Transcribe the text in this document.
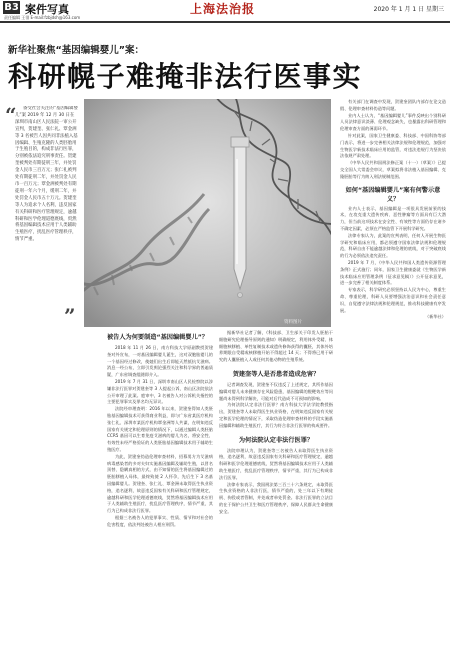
B3 案件写真	上海法治报	2020 年 1 月 1 日 星期三
责任编辑 王翎 E-mail:fzbjdsh@163.com
新华社聚焦“基因编辑婴儿”案：
科研幌子难掩非法行医事实
“	备受社会关注的“基因编辑婴儿”案 2019 年 12 月 30 日在深圳市南山区人民法院一审公开宣判，贺建奎、张仁礼、覃金洲等 3 名被告人因共同非法植入基因编辑、生殖克隆的人类胚胎用于生殖目的，构成非法行医罪，分别被依法追究刑事责任。贺建奎被判处有期徒刑三年，并处罚金人民币三百万元；张仁礼被判处有期徒刑二年，并处罚金人民币一百万元；覃金洲被判处有期徒刑一年六个月，缓刑二年，并处罚金人民币五十万元。贺建奎等人为追求个人名利，违反国家有关科研和医疗管理规定，逾越科研和医学伦理道德底线，贸然将基因编辑技术应用于人类辅助生殖医疗，扰乱医疗管理秩序，情节严重。
”	资料图片
被告人为何要制造“基因编辑婴儿”？

2018 年 11 月 26 日，南方科技大学原副教授贺建奎对外宣布，一对基因编辑婴儿诞生，这对双胞胎婴儿的一个基因经过修改，使她们出生后即能天然抵抗艾滋病。消息一经公布，立即引发舆论强烈关注和科学界的普遍质疑，广东省调查组随即介入。

2019 年 7 月 31 日，深圳市南山区人民检察院以涉嫌非法行医罪对贺建奎等 3 人提起公诉，南山区法院依法公开审理了此案。庭审中，3 名被告人对公诉机关指控的主要犯罪事实及罪名均无异议。

法院经审理查明：2016 年以来，贺建奎得知人类胚胎基因编辑技术可获得商业利益，即与广东省某医疗机构张仁礼、深圳市某医疗机构覃金洲等人共谋，在明知违反国家有关规定和伦理原则的情况下，以通过编辑人类胚胎 CCR5 基因可以生育免疫艾滋病的婴儿为名，将安全性、有效性未经严格验证的人类胚胎基因编辑技术用于辅助生殖医疗。

为此，贺建奎伪造伦理审查材料，招募男方为艾滋病病毒感染者的多对夫妇实施基因编辑及辅助生殖，以冒名顶替、隐瞒真相的方式，由不知情的医生将基因编辑过的胚胎移植入母体，最终致使 2 人怀孕，先后生下 3 名基因编辑婴儿。贺建奎、张仁礼、覃金洲未取得医生执业资格，追名逐利，故意违反国家有关科研和医疗管理规定，逾越科研和医学伦理道德底线，贸然将基因编辑技术应用于人类辅助生殖医疗，扰乱医疗管理秩序，情节严重，其行为已构成非法行医罪。

根据三名被告人的犯罪事实、性质、情节和对社会的危害程度，依法判处被告人相应刑罚。

据新华社记者了解，《科技部、卫生部关于印发人胚胎干细胞研究伦理指导原则的通知》明确规定，利用体外受精、体细胞核移植、单性复制技术或遗传修饰获得的囊胚，其体外培养期限自受精或核移植开始不得超过 14 天；不得将已用于研究的人囊胚植入人或任何其他动物的生殖系统。

贺建奎等人是否患者造成危害？

记者调查发现，贺建奎不仅违反了上述规定，其所作基因编辑对婴儿未来健康存在风险隐患，基因编辑的脱靶效应等问题尚未得到科学解决，可能对后代造成不可预知的影响。

为何法院认定非法行医罪？南方科技大学法学院教授指出，贺建奎等人未取得医生执业资格，在明知违反国家有关规定和医学伦理的情况下，采取伪造伦理审查材料的手段实施基因编辑和辅助生殖医疗，其行为符合非法行医罪的构成要件。

为何法院认定非法行医罪？

法院审理认为，贺建奎等三名被告人未取得医生执业资格，追名逐利，故意违反国家有关科研和医疗管理规定，逾越科研和医学伦理道德底线，贸然将基因编辑技术应用于人类辅助生殖医疗，扰乱医疗管理秩序，情节严重，其行为已构成非法行医罪。

法律专家表示，我国刑法第三百三十六条规定，未取得医生执业资格的人非法行医，情节严重的，处三年以下有期徒刑、拘役或者管制，并处或者单处罚金。非法行医罪的立法目的在于保护公共卫生和医疗管理秩序，保障人民群众生命健康安全。

有关部门在调查中发现，贺建奎团队内部存在论文造假、伦理审查材料伪造等问题。

业内人士认为，“基因编辑婴儿”事件反映出个别科研人员法律意识淡薄、伦理观念缺失，也暴露出科研管理和伦理审查方面的薄弱环节。

针对此案，国家卫生健康委、科技部、中国科协等部门表示，将进一步完善相关法律法规和伦理规范，加强对生物医学新技术临床应用的监管，对违法违规行为坚决依法依规严肃处理。

《中华人民共和国刑法修正案（十一）（草案）》已提交全国人大常委会审议，草案拟将非法植入基因编辑、克隆胚胎等行为纳入刑法规制范围。

如何“基因编辑婴儿”案有何警示意义？

业内人士表示，基因编辑是一项很具发展前景的技术，在攻克重大遗传疾病、恶性肿瘤等方面具有巨大潜力，但当前这项技术在安全性、有效性等方面仍存在诸多不确定因素，必须在严格监管下开展科学研究。

法律专家认为，此案的宣判表明，任何人开展生物医学研究和临床应用，都必须遵守国家法律法规和伦理规范，科研自由不能逾越法律和伦理的底线，对于突破底线的行为必须依法追究责任。

2019 年 7 月，《中华人民共和国人类遗传资源管理条例》正式施行；同年，国家卫生健康委就《生物医学新技术临床应用管理条例（征求意见稿）》公开征求意见，进一步完善了相关制度体系。

专家表示，科学研究必须坚持以人民为中心，尊重生命、尊重伦理，科研人员要增强法治意识和社会责任意识，自觉遵守法律法规和伦理规范，推动科技健康有序发展。

（新华社）
